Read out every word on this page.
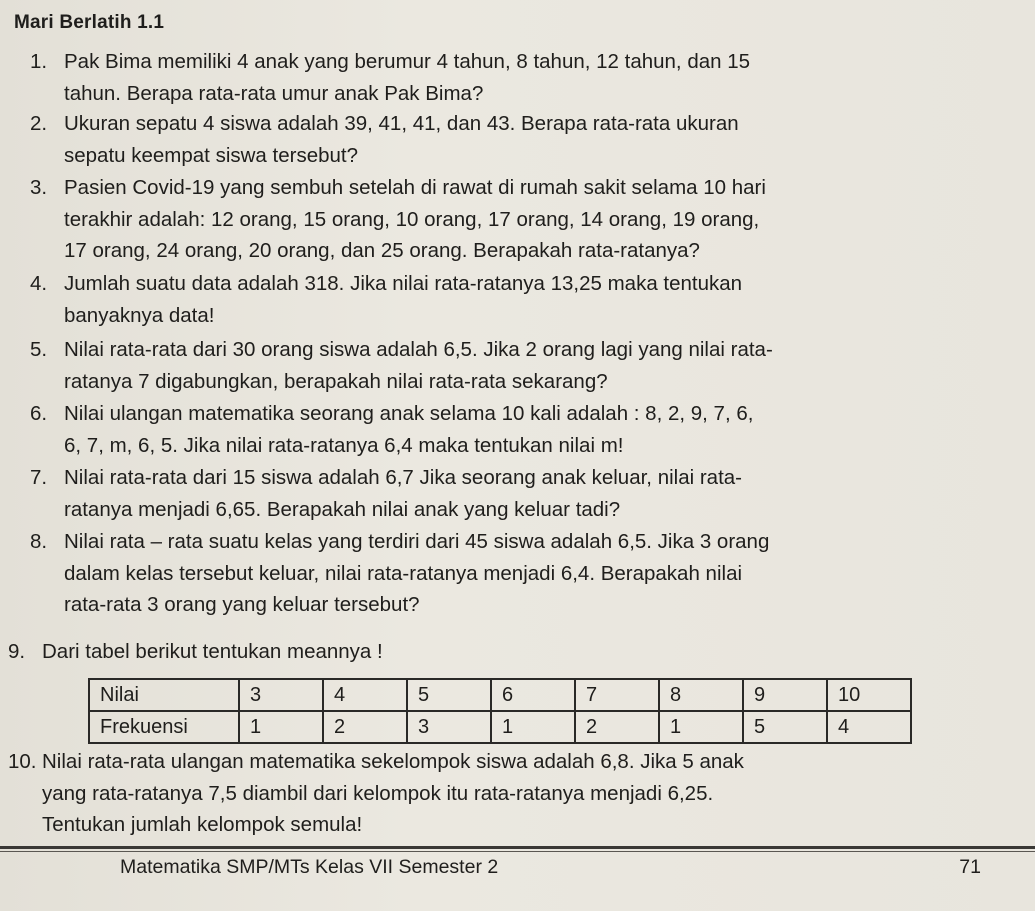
Mari Berlatih 1.1
1. Pak Bima memiliki 4 anak yang berumur 4 tahun, 8 tahun, 12 tahun, dan 15
tahun. Berapa rata-rata umur anak Pak Bima?
2. Ukuran sepatu 4 siswa adalah 39, 41, 41, dan 43. Berapa rata-rata ukuran
sepatu keempat siswa tersebut?
3. Pasien Covid-19 yang sembuh setelah di rawat di rumah sakit selama 10 hari
terakhir adalah: 12 orang, 15 orang, 10 orang, 17 orang, 14 orang, 19 orang,
17 orang, 24 orang, 20 orang, dan 25 orang. Berapakah rata-ratanya?
4. Jumlah suatu data adalah 318. Jika nilai rata-ratanya 13,25 maka tentukan
banyaknya data!
5. Nilai rata-rata dari 30 orang siswa adalah 6,5. Jika 2 orang lagi yang nilai rata-
ratanya 7 digabungkan, berapakah nilai rata-rata sekarang?
6. Nilai ulangan matematika seorang anak selama 10 kali adalah : 8, 2, 9, 7, 6,
6, 7, m, 6, 5. Jika nilai rata-ratanya 6,4 maka tentukan nilai m!
7. Nilai rata-rata dari 15 siswa adalah 6,7 Jika seorang anak keluar, nilai rata-
ratanya menjadi 6,65. Berapakah nilai anak yang keluar tadi?
8. Nilai rata – rata suatu kelas yang terdiri dari 45 siswa adalah 6,5. Jika 3 orang
dalam kelas tersebut keluar, nilai rata-ratanya menjadi 6,4. Berapakah nilai
rata-rata 3 orang yang keluar tersebut?
9. Dari tabel berikut tentukan meannya !
10. Nilai rata-rata ulangan matematika sekelompok siswa adalah 6,8. Jika 5 anak
yang rata-ratanya 7,5 diambil dari kelompok itu rata-ratanya menjadi 6,25.
Tentukan jumlah kelompok semula!
Nilai	3	4	5	6	7	8	9	10
Frekuensi	1	2	3	1	2	1	5	4
Matematika SMP/MTs Kelas VII Semester 2	71
